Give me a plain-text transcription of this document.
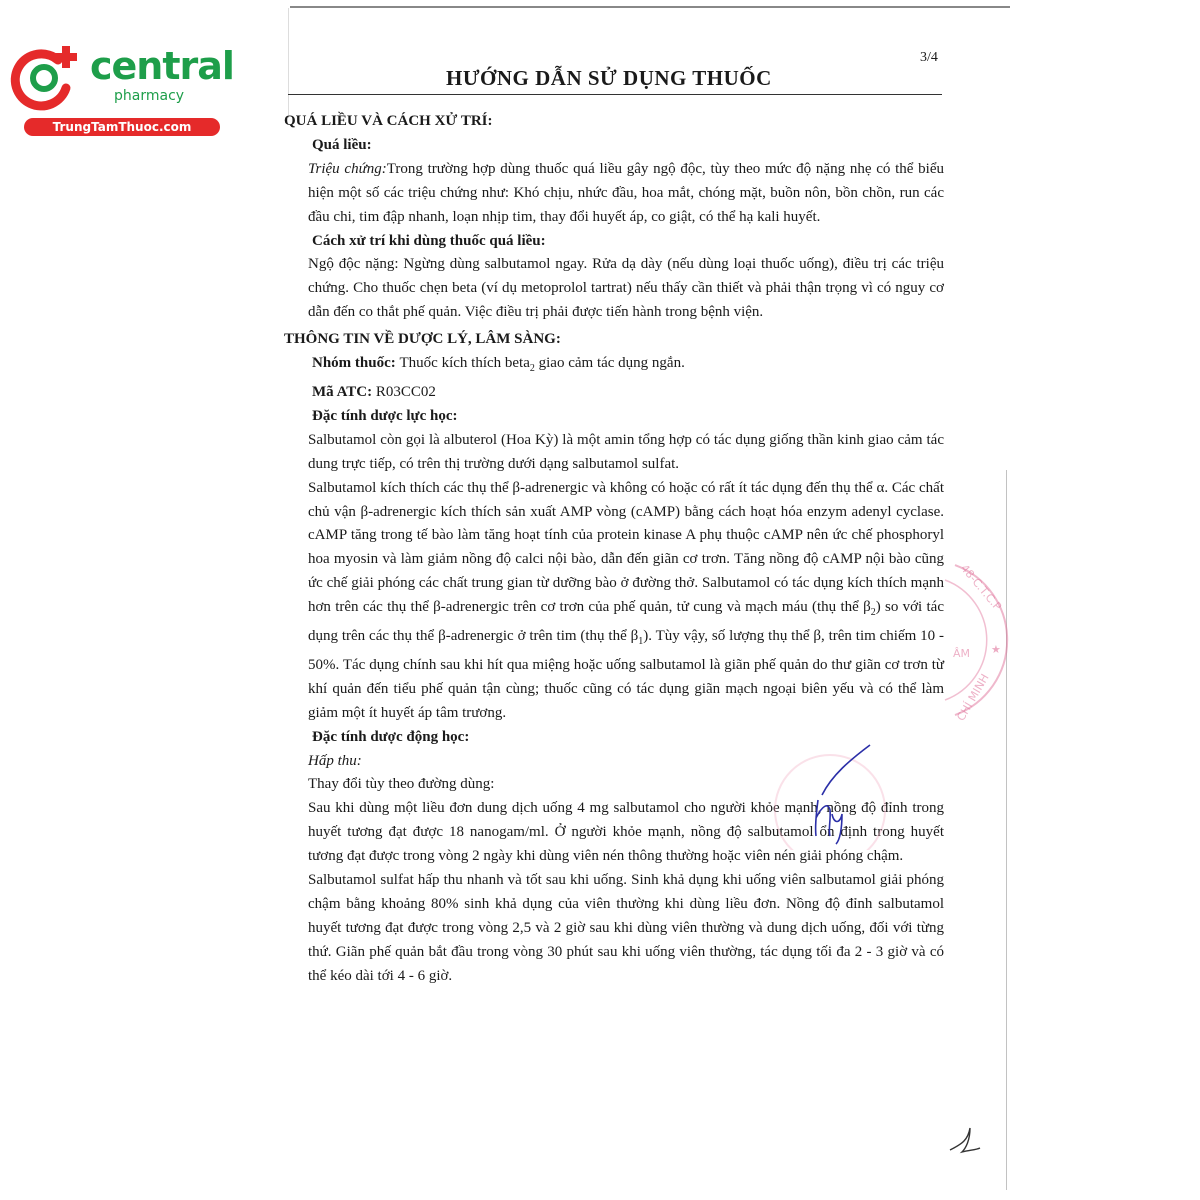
central
pharmacy
TrungTamThuoc.com
3/4
HƯỚNG DẪN SỬ DỤNG THUỐC

QUÁ LIỀU VÀ CÁCH XỬ TRÍ:

Quá liều:

Triệu chứng:Trong trường hợp dùng thuốc quá liều gây ngộ độc, tùy theo mức độ nặng nhẹ có thể biểu hiện một số các triệu chứng như: Khó chịu, nhức đầu, hoa mắt, chóng mặt, buồn nôn, bồn chồn, run các đầu chi, tim đập nhanh, loạn nhịp tim, thay đổi huyết áp, co giật, có thể hạ kali huyết.

Cách xử trí khi dùng thuốc quá liều:

Ngộ độc nặng: Ngừng dùng salbutamol ngay. Rửa dạ dày (nếu dùng loại thuốc uống), điều trị các triệu chứng. Cho thuốc chẹn beta (ví dụ metoprolol tartrat) nếu thấy cần thiết và phải thận trọng vì có nguy cơ dẫn đến co thắt phế quản. Việc điều trị phải được tiến hành trong bệnh viện.

THÔNG TIN VỀ DƯỢC LÝ, LÂM SÀNG:

Nhóm thuốc: Thuốc kích thích beta$_2$ giao cảm tác dụng ngắn.

Mã ATC: R03CC02

Đặc tính dược lực học:

Salbutamol còn gọi là albuterol (Hoa Kỳ) là một amin tổng hợp có tác dụng giống thần kinh giao cảm tác dung trực tiếp, có trên thị trường dưới dạng salbutamol sulfat.

Salbutamol kích thích các thụ thể β-adrenergic và không có hoặc có rất ít tác dụng đến thụ thể α. Các chất chủ vận β-adrenergic kích thích sản xuất AMP vòng (cAMP) bằng cách hoạt hóa enzym adenyl cyclase. cAMP tăng trong tế bào làm tăng hoạt tính của protein kinase A phụ thuộc cAMP nên ức chế phosphoryl hoa myosin và làm giảm nồng độ calci nội bào, dẫn đến giãn cơ trơn. Tăng nồng độ cAMP nội bào cũng ức chế giải phóng các chất trung gian từ dưỡng bào ở đường thở. Salbutamol có tác dụng kích thích mạnh hơn trên các thụ thể β-adrenergic trên cơ trơn của phế quản, tử cung và mạch máu (thụ thể $\beta_2$) so với tác dụng trên các thụ thể β-adrenergic ở trên tim (thụ thể $\beta_1$). Tùy vậy, số lượng thụ thể β, trên tim chiếm 10 - 50%. Tác dụng chính sau khi hít qua miệng hoặc uống salbutamol là giãn phế quản do thư giãn cơ trơn từ khí quản đến tiểu phế quản tận cùng; thuốc cũng có tác dụng giãn mạch ngoại biên yếu và có thể làm giảm một ít huyết áp tâm trương.

Đặc tính dược động học:

Hấp thu:

Thay đổi tùy theo đường dùng:

Sau khi dùng một liều đơn dung dịch uống 4 mg salbutamol cho người khỏe mạnh, nồng độ đỉnh trong huyết tương đạt được 18 nanogam/ml. Ở người khỏe mạnh, nồng độ salbutamol ổn định trong huyết tương đạt được trong vòng 2 ngày khi dùng viên nén thông thường hoặc viên nén giải phóng chậm.

Salbutamol sulfat hấp thu nhanh và tốt sau khi uống. Sinh khả dụng khi uống viên salbutamol giải phóng chậm bằng khoảng 80% sinh khả dụng của viên thường khi dùng liều đơn. Nồng độ đỉnh salbutamol huyết tương đạt được trong vòng 2,5 và 2 giờ sau khi dùng viên thường và dung dịch uống, đối với từng thứ. Giãn phế quản bắt đầu trong vòng 30 phút sau khi uống viên thường, tác dụng tối đa 2 - 3 giờ và có thể kéo dài tới 4 - 6 giờ.

★
48-C.T.C.P
ÂM
CHÍ MINH
